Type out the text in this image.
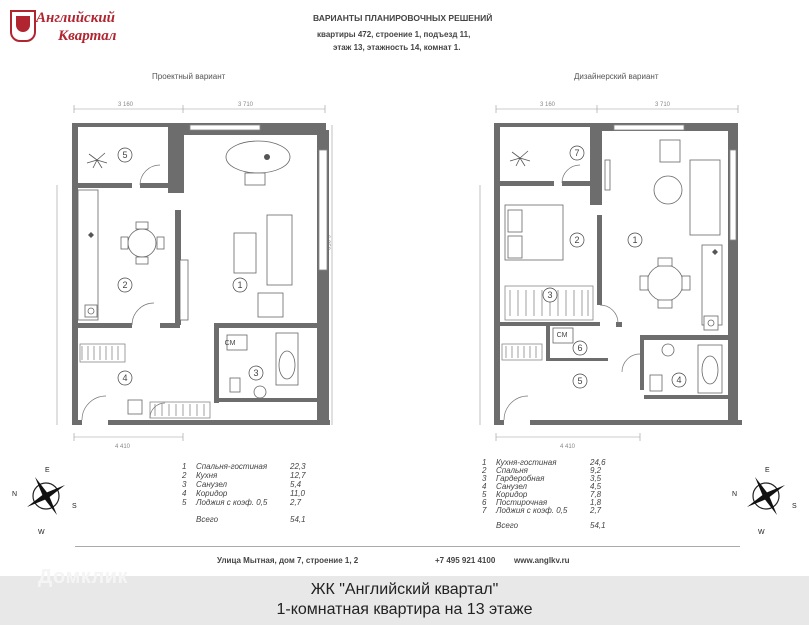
Английский
Квартал
ВАРИАНТЫ ПЛАНИРОВОЧНЫХ РЕШЕНИЙ
квартиры 472, строение 1, подъезд 11,
этаж 13, этажность 14, комнат 1.
Проектный вариант	Дизайнерский вариант
3 160	3 710
4 410
3 160	3 710
4 410
5
2	1
4	3
СМ
7
2	1
3
СМ
6
5	4
E
N
S
W
E
N
S
W
1 Спальня-гостиная	22,3
2 Кухня	12,7
3 Санузел	5,4
4 Коридор	11,0
5 Лоджия с коэф. 0,5	2,7
Всего	54,1
1 Кухня-гостиная	24,6
2 Спальня	9,2
3 Гардеробная	3,5
4 Санузел	4,5
5 Коридор	7,8
6 Постирочная	1,8
7 Лоджия с коэф. 0,5	2,7
Всего	54,1
Улица Мытная, дом 7, строение 1, 2	+7 495 921 4100 www.anglkv.ru
Домклик
ЖК "Английский квартал"
1-комнатная квартира на 13 этаже
